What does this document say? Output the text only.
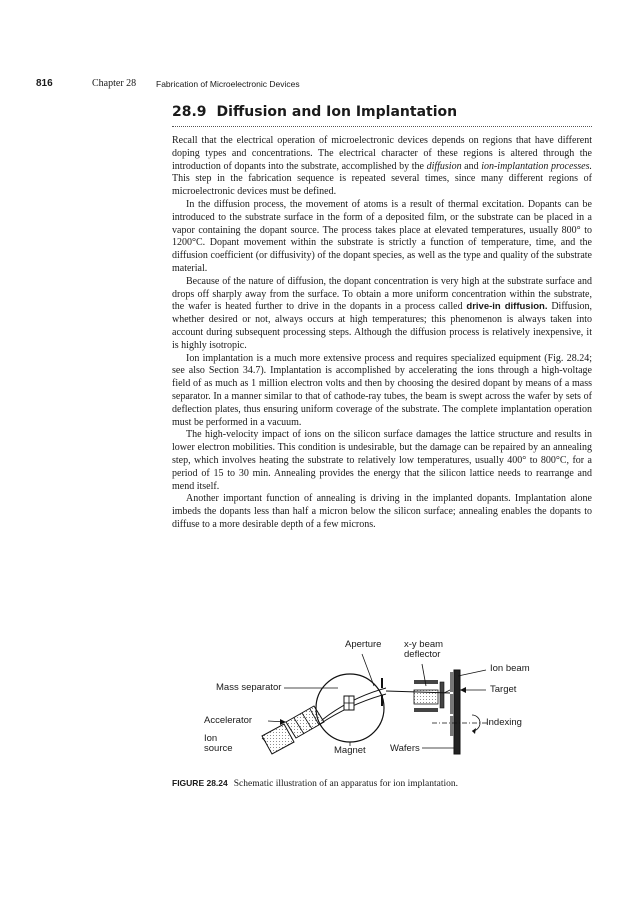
816	Chapter 28 Fabrication of Microelectronic Devices
28.9 Diffusion and Ion Implantation

Recall that the electrical operation of microelectronic devices depends on regions that have different doping types and concentrations. The electrical character of these regions is altered through the introduction of dopants into the substrate, accomplished by the diffusion and ion-implantation processes. This step in the fabrication sequence is repeated several times, since many different regions of microelectronic devices must be defined.

In the diffusion process, the movement of atoms is a result of thermal excitation. Dopants can be introduced to the substrate surface in the form of a deposited film, or the substrate can be placed in a vapor containing the dopant source. The process takes place at elevated temperatures, usually 800° to 1200°C. Dopant movement within the substrate is strictly a function of temperature, time, and the diffusion coefficient (or diffusivity) of the dopant species, as well as the type and quality of the substrate material.

Because of the nature of diffusion, the dopant concentration is very high at the substrate surface and drops off sharply away from the surface. To obtain a more uniform concentration within the substrate, the wafer is heated further to drive in the dopants in a process called drive-in diffusion. Diffusion, whether desired or not, always occurs at high temperatures; this phenomenon is always taken into account during subsequent processing steps. Although the diffusion process is relatively inexpensive, it is highly isotropic.

Ion implantation is a much more extensive process and requires specialized equipment (Fig. 28.24; see also Section 34.7). Implantation is accomplished by accelerating the ions through a high-voltage field of as much as 1 million electron volts and then by choosing the desired dopant by means of a mass separator. In a manner similar to that of cathode-ray tubes, the beam is swept across the wafer by sets of deflection plates, thus ensuring uniform coverage of the substrate. The complete implantation operation must be performed in a vacuum.

The high-velocity impact of ions on the silicon surface damages the lattice structure and results in lower electron mobilities. This condition is undesirable, but the damage can be repaired by an annealing step, which involves heating the substrate to relatively low temperatures, usually 400° to 800°C, for a period of 15 to 30 min. Annealing provides the energy that the silicon lattice needs to rearrange and mend itself.

Another important function of annealing is driving in the implanted dopants. Implantation alone imbeds the dopants less than half a micron below the silicon surface; annealing enables the dopants to diffuse to a more desirable depth of a few microns.

Aperture x-y beam
deflector
Ion beam
Mass separator	Target
Accelerator	Indexing
Ion
source	Magnet	Wafers
FIGURE 28.24 Schematic illustration of an apparatus for ion implantation.
